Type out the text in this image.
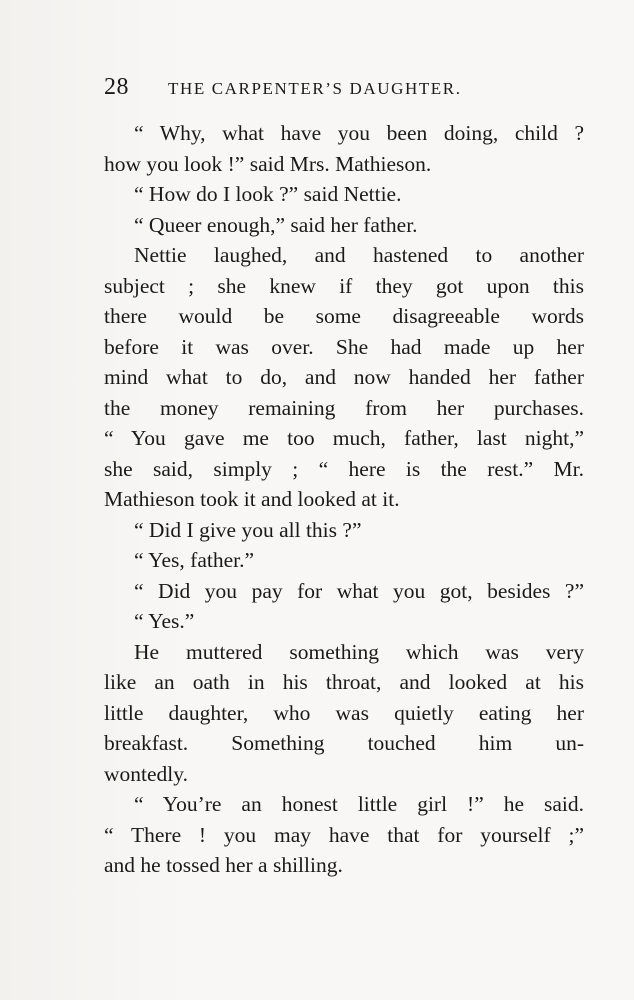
28 THE CARPENTER’S DAUGHTER.
“ Why, what have you been doing, child ?
how you look !” said Mrs. Mathieson.
“ How do I look ?” said Nettie.
“ Queer enough,” said her father.
Nettie laughed, and hastened to another
subject ; she knew if they got upon this
there would be some disagreeable words
before it was over. She had made up her
mind what to do, and now handed her father
the money remaining from her purchases.
“ You gave me too much, father, last night,”
she said, simply ; “ here is the rest.” Mr.
Mathieson took it and looked at it.
“ Did I give you all this ?”
“ Yes, father.”
“ Did you pay for what you got, besides ?”
“ Yes.”
He muttered something which was very
like an oath in his throat, and looked at his
little daughter, who was quietly eating her
breakfast. Something touched him un-
wontedly.
“ You’re an honest little girl !” he said.
“ There ! you may have that for yourself ;”
and he tossed her a shilling.
